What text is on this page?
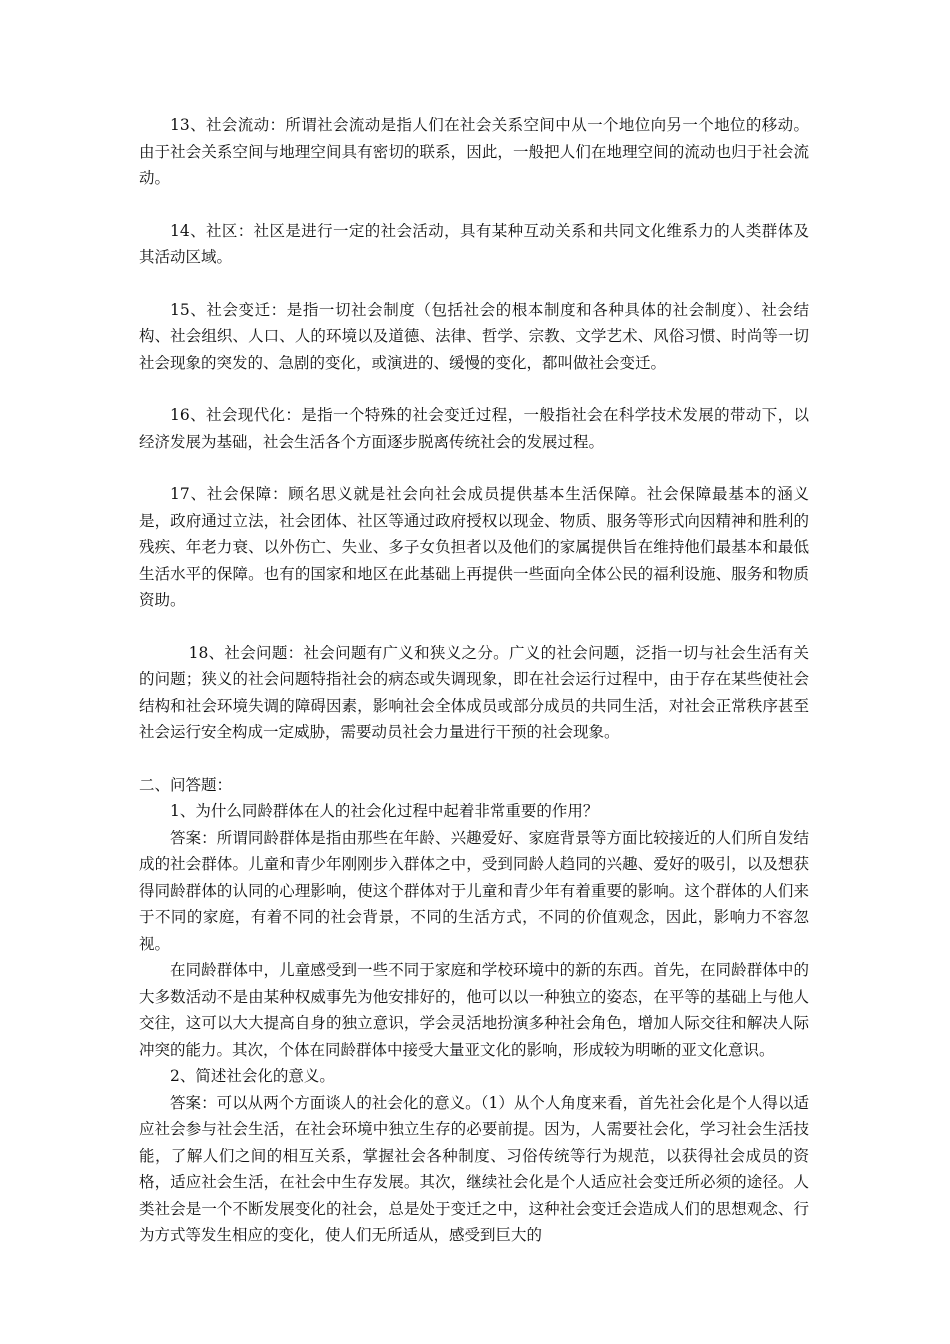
13、社会流动：所谓社会流动是指人们在社会关系空间中从一个地位向另一个地位的移动。由于社会关系空间与地理空间具有密切的联系，因此，一般把人们在地理空间的流动也归于社会流动。

14、社区：社区是进行一定的社会活动，具有某种互动关系和共同文化维系力的人类群体及其活动区域。

15、社会变迁：是指一切社会制度（包括社会的根本制度和各种具体的社会制度）、社会结构、社会组织、人口、人的环境以及道德、法律、哲学、宗教、文学艺术、风俗习惯、时尚等一切社会现象的突发的、急剧的变化，或演进的、缓慢的变化，都叫做社会变迁。

16、社会现代化：是指一个特殊的社会变迁过程，一般指社会在科学技术发展的带动下，以经济发展为基础，社会生活各个方面逐步脱离传统社会的发展过程。

17、社会保障：顾名思义就是社会向社会成员提供基本生活保障。社会保障最基本的涵义是，政府通过立法，社会团体、社区等通过政府授权以现金、物质、服务等形式向因精神和胜利的残疾、年老力衰、以外伤亡、失业、多子女负担者以及他们的家属提供旨在维持他们最基本和最低生活水平的保障。也有的国家和地区在此基础上再提供一些面向全体公民的福利设施、服务和物质资助。

18、社会问题：社会问题有广义和狭义之分。广义的社会问题，泛指一切与社会生活有关的问题；狭义的社会问题特指社会的病态或失调现象，即在社会运行过程中，由于存在某些使社会结构和社会环境失调的障碍因素，影响社会全体成员或部分成员的共同生活，对社会正常秩序甚至社会运行安全构成一定威胁，需要动员社会力量进行干预的社会现象。

二、问答题：

1、为什么同龄群体在人的社会化过程中起着非常重要的作用？

答案：所谓同龄群体是指由那些在年龄、兴趣爱好、家庭背景等方面比较接近的人们所自发结成的社会群体。儿童和青少年刚刚步入群体之中，受到同龄人趋同的兴趣、爱好的吸引，以及想获得同龄群体的认同的心理影响，使这个群体对于儿童和青少年有着重要的影响。这个群体的人们来于不同的家庭，有着不同的社会背景，不同的生活方式，不同的价值观念，因此，影响力不容忽视。

在同龄群体中，儿童感受到一些不同于家庭和学校环境中的新的东西。首先，在同龄群体中的大多数活动不是由某种权威事先为他安排好的，他可以以一种独立的姿态，在平等的基础上与他人交往，这可以大大提高自身的独立意识，学会灵活地扮演多种社会角色，增加人际交往和解决人际冲突的能力。其次，个体在同龄群体中接受大量亚文化的影响，形成较为明晰的亚文化意识。

2、简述社会化的意义。

答案：可以从两个方面谈人的社会化的意义。（1）从个人角度来看，首先社会化是个人得以适应社会参与社会生活，在社会环境中独立生存的必要前提。因为，人需要社会化，学习社会生活技能，了解人们之间的相互关系，掌握社会各种制度、习俗传统等行为规范，以获得社会成员的资格，适应社会生活，在社会中生存发展。其次，继续社会化是个人适应社会变迁所必须的途径。人类社会是一个不断发展变化的社会，总是处于变迁之中，这种社会变迁会造成人们的思想观念、行为方式等发生相应的变化，使人们无所适从，感受到巨大的
